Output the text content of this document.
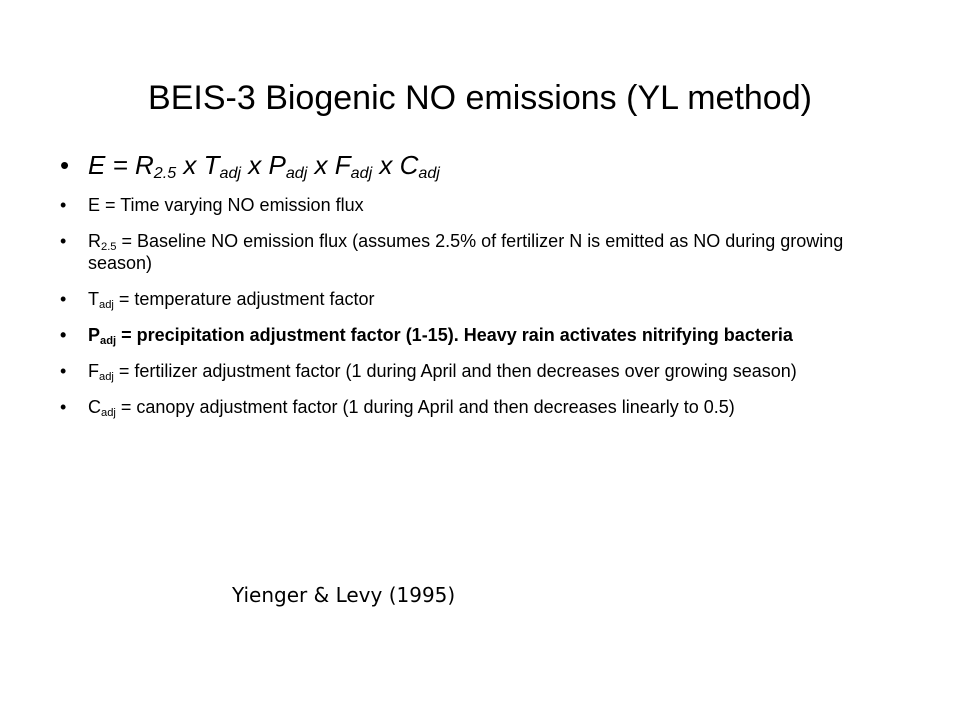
BEIS-3 Biogenic NO emissions (YL method)
• $E = R_{2.5}$ x $T_{adj}$ x $P_{adj}$ x $F_{adj}$ x $C_{adj}$
• E = Time varying NO emission flux
• $R_{2.5}$ = Baseline NO emission flux (assumes 2.5% of fertilizer N is emitted as NO during growing season)
• $T_{adj}$ = temperature adjustment factor
• $P_{adj}$ = precipitation adjustment factor (1-15). Heavy rain activates nitrifying bacteria
• $F_{adj}$ = fertilizer adjustment factor (1 during April and then decreases over growing season)
• $C_{adj}$ = canopy adjustment factor (1 during April and then decreases linearly to 0.5)
Yienger & Levy (1995)
